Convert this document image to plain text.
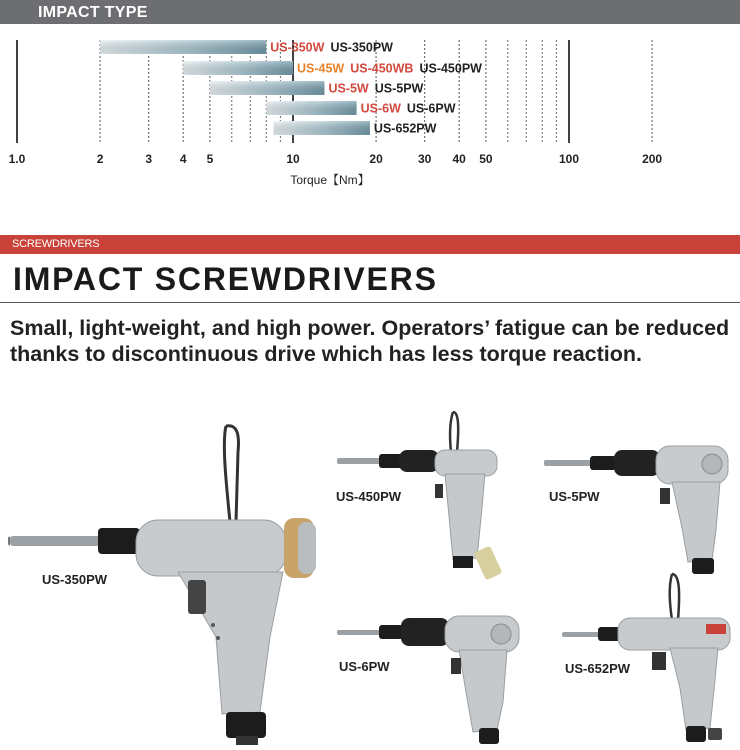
IMPACT TYPE
US-350W US-350PW
US-45W US-450WB US-450PW
US-5W US-5PW
US-6W US-6PW
US-652PW
1.0	2	3 4 5	10	20	30 40 50	100	200
Torque【Nm】
SCREWDRIVERS
IMPACT SCREWDRIVERS

Small, light-weight, and high power. Operators’ fatigue can be reduced thanks to discontinuous drive which has less torque reaction.

US-350PW
US-450PW	US-5PW
US-6PW	US-652PW
